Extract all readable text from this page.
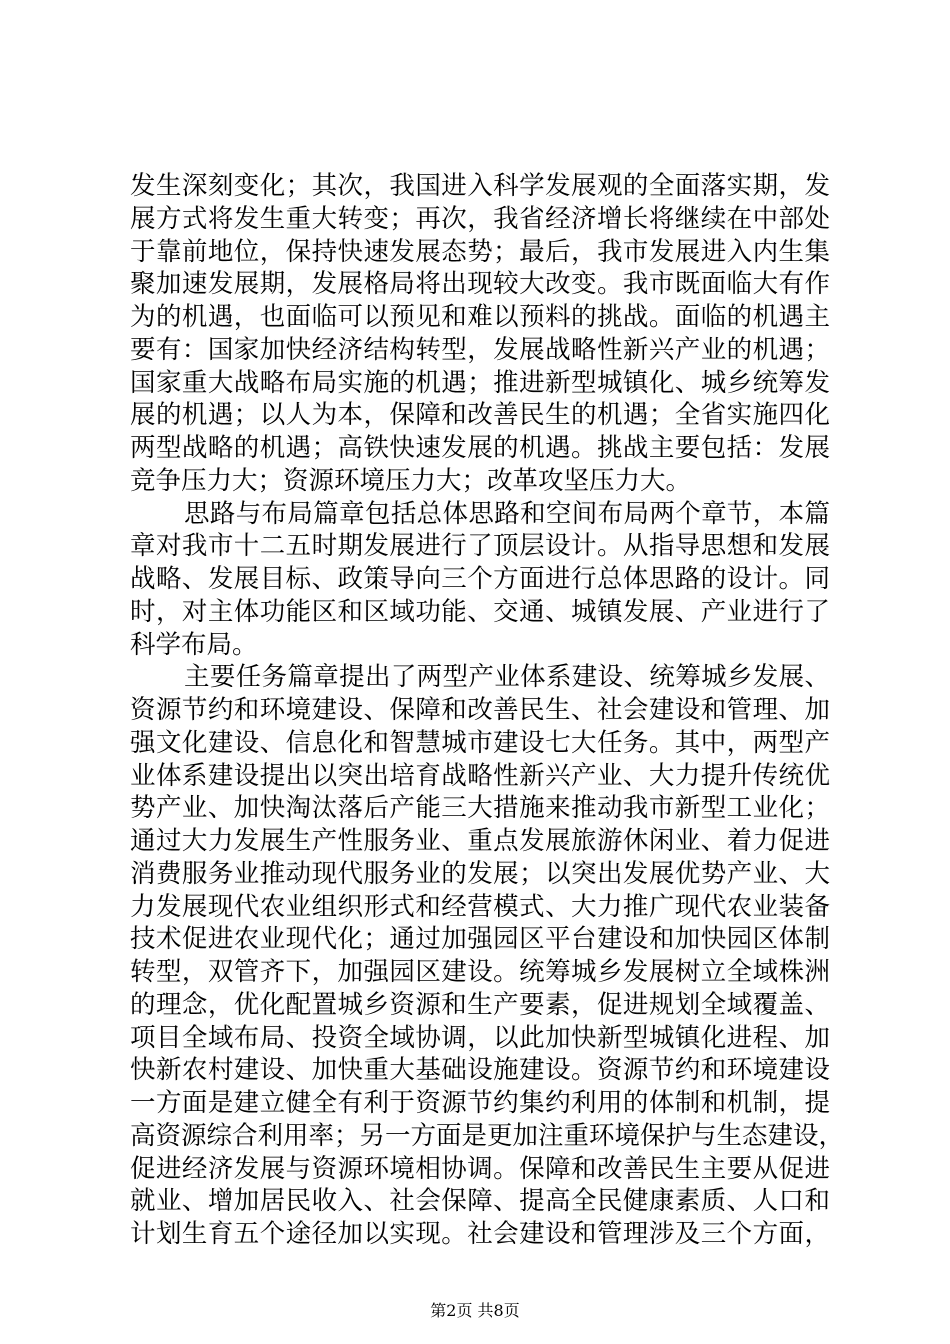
发生深刻变化；其次，我国进入科学发展观的全面落实期，发
展方式将发生重大转变；再次，我省经济增长将继续在中部处
于靠前地位，保持快速发展态势；最后，我市发展进入内生集
聚加速发展期，发展格局将出现较大改变。我市既面临大有作
为的机遇，也面临可以预见和难以预料的挑战。面临的机遇主
要有：国家加快经济结构转型，发展战略性新兴产业的机遇；
国家重大战略布局实施的机遇；推进新型城镇化、城乡统筹发
展的机遇；以人为本，保障和改善民生的机遇；全省实施四化
两型战略的机遇；高铁快速发展的机遇。挑战主要包括：发展
竞争压力大；资源环境压力大；改革攻坚压力大。
思路与布局篇章包括总体思路和空间布局两个章节，本篇
章对我市十二五时期发展进行了顶层设计。从指导思想和发展
战略、发展目标、政策导向三个方面进行总体思路的设计。同
时，对主体功能区和区域功能、交通、城镇发展、产业进行了
科学布局。
主要任务篇章提出了两型产业体系建设、统筹城乡发展、
资源节约和环境建设、保障和改善民生、社会建设和管理、加
强文化建设、信息化和智慧城市建设七大任务。其中，两型产
业体系建设提出以突出培育战略性新兴产业、大力提升传统优
势产业、加快淘汰落后产能三大措施来推动我市新型工业化；
通过大力发展生产性服务业、重点发展旅游休闲业、着力促进
消费服务业推动现代服务业的发展；以突出发展优势产业、大
力发展现代农业组织形式和经营模式、大力推广现代农业装备
技术促进农业现代化；通过加强园区平台建设和加快园区体制
转型，双管齐下，加强园区建设。统筹城乡发展树立全域株洲
的理念，优化配置城乡资源和生产要素，促进规划全域覆盖、
项目全域布局、投资全域协调，以此加快新型城镇化进程、加
快新农村建设、加快重大基础设施建设。资源节约和环境建设
一方面是建立健全有利于资源节约集约利用的体制和机制，提
高资源综合利用率；另一方面是更加注重环境保护与生态建设，
促进经济发展与资源环境相协调。保障和改善民生主要从促进
就业、增加居民收入、社会保障、提高全民健康素质、人口和
计划生育五个途径加以实现。社会建设和管理涉及三个方面，
第2页 共8页
